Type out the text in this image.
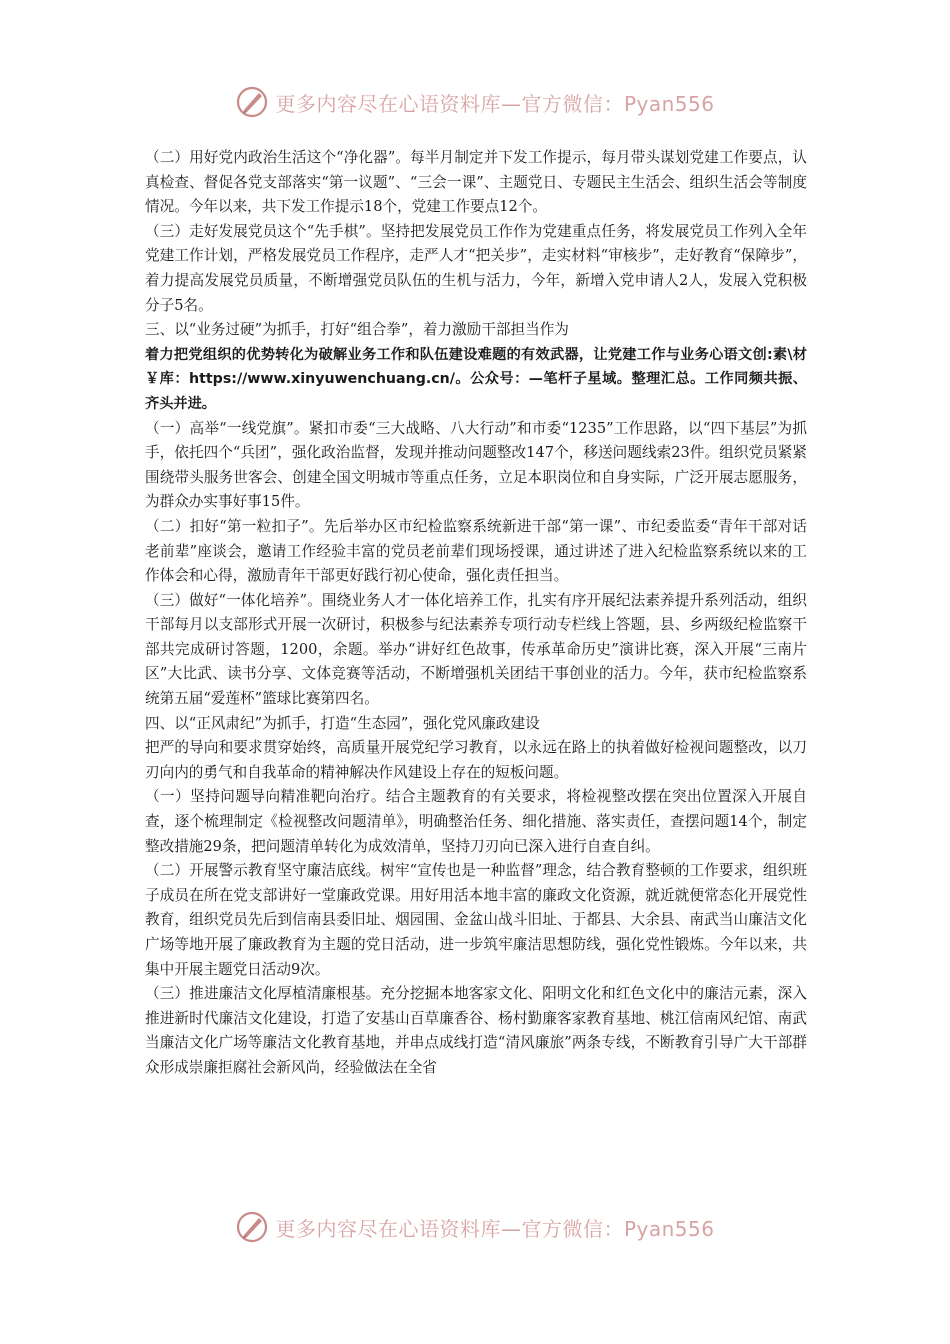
更多内容尽在心语资料库—官方微信：Pyan556

（二）用好党内政治生活这个“净化器”。每半月制定并下发工作提示，每月带头谋划党建工作要点，认真检查、督促各党支部落实“第一议题”、“三会一课”、主题党日、专题民主生活会、组织生活会等制度情况。今年以来，共下发工作提示18个，党建工作要点12个。

（三）走好发展党员这个“先手棋”。坚持把发展党员工作作为党建重点任务，将发展党员工作列入全年党建工作计划，严格发展党员工作程序，走严人才“把关步”，走实材料“审核步”，走好教育“保障步”，着力提高发展党员质量，不断增强党员队伍的生机与活力，今年，新增入党申请人2人，发展入党积极分子5名。

三、以“业务过硬”为抓手，打好“组合拳”，着力激励干部担当作为

着力把党组织的优势转化为破解业务工作和队伍建设难题的有效武器，让党建工作与业务心语文创:素\材￥库：https://www.xinyuwenchuang.cn/。公众号：—笔杆子星域。整理汇总。工作同频共振、齐头并进。

（一）高举“一线党旗”。紧扣市委“三大战略、八大行动”和市委“1235”工作思路，以“四下基层”为抓手，依托四个“兵团”，强化政治监督，发现并推动问题整改147个，移送问题线索23件。组织党员紧紧围绕带头服务世客会、创建全国文明城市等重点任务，立足本职岗位和自身实际，广泛开展志愿服务，为群众办实事好事15件。

（二）扣好“第一粒扣子”。先后举办区市纪检监察系统新进干部“第一课”、市纪委监委“青年干部对话老前辈”座谈会，邀请工作经验丰富的党员老前辈们现场授课，通过讲述了进入纪检监察系统以来的工作体会和心得，激励青年干部更好践行初心使命，强化责任担当。

（三）做好“一体化培养”。围绕业务人才一体化培养工作，扎实有序开展纪法素养提升系列活动，组织干部每月以支部形式开展一次研讨，积极参与纪法素养专项行动专栏线上答题，县、乡两级纪检监察干部共完成研讨答题，1200，余题。举办“讲好红色故事，传承革命历史”演讲比赛，深入开展“三南片区”大比武、读书分享、文体竞赛等活动，不断增强机关团结干事创业的活力。今年，获市纪检监察系统第五届“爱莲杯”篮球比赛第四名。

四、以“正风肃纪”为抓手，打造“生态园”，强化党风廉政建设

把严的导向和要求贯穿始终，高质量开展党纪学习教育，以永远在路上的执着做好检视问题整改，以刀刃向内的勇气和自我革命的精神解决作风建设上存在的短板问题。

（一）坚持问题导向精准靶向治疗。结合主题教育的有关要求，将检视整改摆在突出位置深入开展自查，逐个梳理制定《检视整改问题清单》，明确整治任务、细化措施、落实责任，查摆问题14个，制定整改措施29条，把问题清单转化为成效清单，坚持刀刃向已深入进行自查自纠。

（二）开展警示教育坚守廉洁底线。树牢“宣传也是一种监督”理念，结合教育整顿的工作要求，组织班子成员在所在党支部讲好一堂廉政党课。用好用活本地丰富的廉政文化资源，就近就便常态化开展党性教育，组织党员先后到信南县委旧址、烟园围、金盆山战斗旧址、于都县、大余县、南武当山廉洁文化广场等地开展了廉政教育为主题的党日活动，进一步筑牢廉洁思想防线，强化党性锻炼。今年以来，共集中开展主题党日活动9次。

（三）推进廉洁文化厚植清廉根基。充分挖掘本地客家文化、阳明文化和红色文化中的廉洁元素，深入推进新时代廉洁文化建设，打造了安基山百草廉香谷、杨村勤廉客家教育基地、桃江信南风纪馆、南武当廉洁文化广场等廉洁文化教育基地，并串点成线打造“清风廉旅”两条专线，不断教育引导广大干部群众形成崇廉拒腐社会新风尚，经验做法在全省

更多内容尽在心语资料库—官方微信：Pyan556
